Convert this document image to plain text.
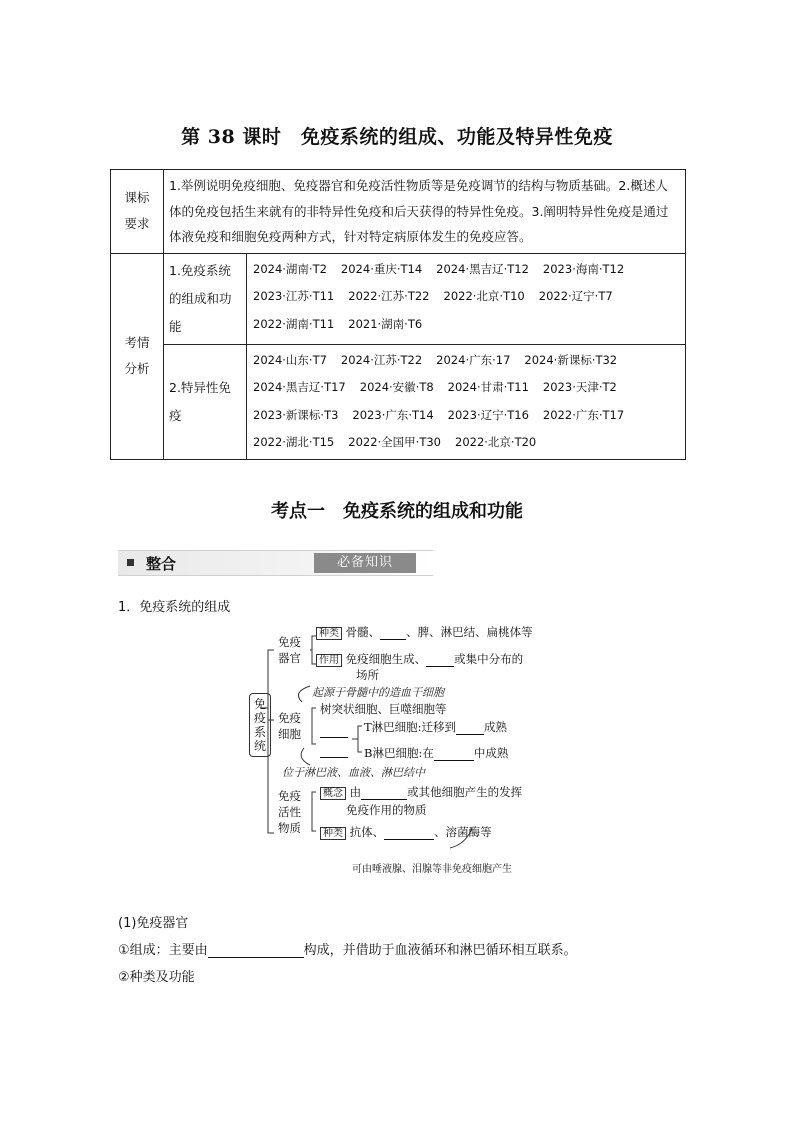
第 38 课时　免疫系统的组成、功能及特异性免疫
课标要求	1.举例说明免疫细胞、免疫器官和免疫活性物质等是免疫调节的结构与物质基础。2.概述人体的免疫包括生来就有的非特异性免疫和后天获得的特异性免疫。3.阐明特异性免疫是通过体液免疫和细胞免疫两种方式，针对特定病原体发生的免疫应答。	
考情分析	1.免疫系统的组成和功能	2024·湖南·T2 2024·重庆·T14 2024·黑吉辽·T12 2023·海南·T12
2023·江苏·T11 2022·江苏·T22 2022·北京·T10 2022·辽宁·T7
2022·湖南·T11 2021·湖南·T6

	2.特异性免疫	2024·山东·T7 2024·江苏·T22 2024·广东·17 2024·新课标·T32
2024·黑吉辽·T17 2024·安徽·T8 2024·甘肃·T11 2023·天津·T2
2023·新课标·T3 2023·广东·T14 2023·辽宁·T16 2022·广东·T17
2022·湖北·T15 2022·全国甲·T30 2022·北京·T20
考点一　免疫系统的组成和功能
整合	必备知识
1．免疫系统的组成
免疫系统
免疫器官
种类 骨髓、 、脾、淋巴结、扁桃体等
作用 免疫细胞生成、 或集中分布的
场所
起源于骨髓中的造血干细胞
免疫细胞
树突状细胞、巨噬细胞等
T淋巴细胞:迁移到 成熟
B淋巴细胞:在	中成熟
位于淋巴液、血液、淋巴结中
免疫活性物质
概念 由	或其他细胞产生的发挥
免疫作用的物质
种类 抗体、	、溶菌酶等
可由唾液腺、泪腺等非免疫细胞产生
(1)免疫器官
①组成：主要由	构成，并借助于血液循环和淋巴循环相互联系。
②种类及功能
